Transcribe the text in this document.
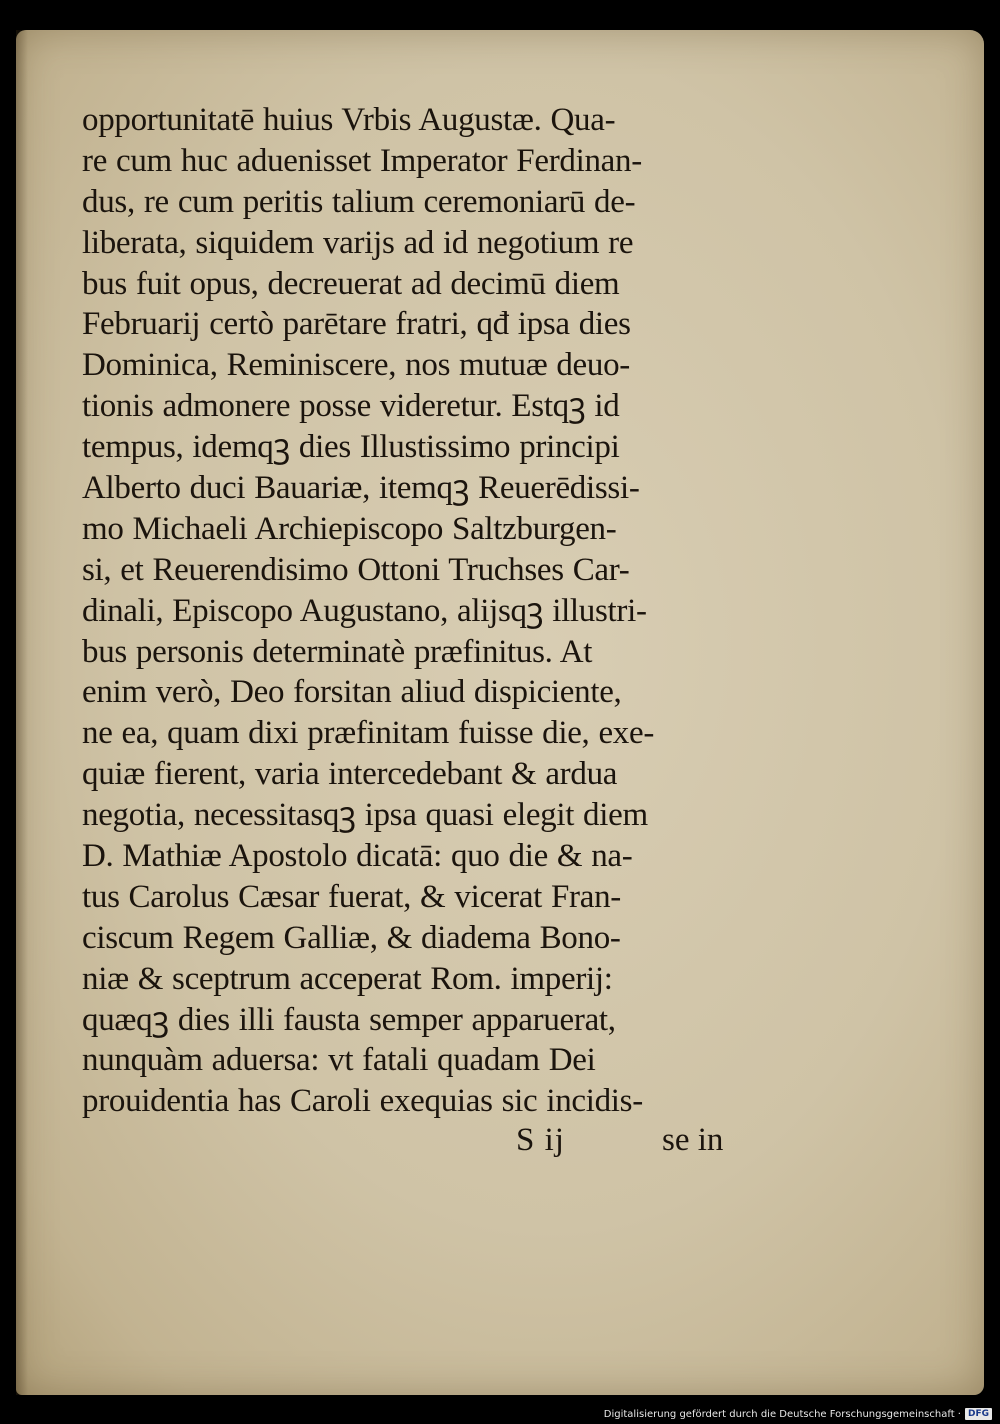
opportunitatē huius Vrbis Augustæ. Qua-
re cum huc aduenisset Imperator Ferdinan-
dus, re cum peritis talium ceremoniarū de-
liberata, siquidem varijs ad id negotium re
bus fuit opus, decreuerat ad decimū diem
Februarij certò parētare fratri, qđ ipsa dies
Dominica, Reminiscere, nos mutuæ deuo-
tionis admonere posse videretur. Estqꝫ id
tempus, idemqꝫ dies Illustissimo principi
Alberto duci Bauariæ, itemqꝫ Reuerēdissi-
mo Michaeli Archiepiscopo Saltzburgen-
si, et Reuerendisimo Ottoni Truchses Car-
dinali, Episcopo Augustano, alijsqꝫ illustri-
bus personis determinatè præfinitus. At
enim verò, Deo forsitan aliud dispiciente,
ne ea, quam dixi præfinitam fuisse die, exe-
quiæ fierent, varia intercedebant & ardua
negotia, necessitasqꝫ ipsa quasi elegit diem
D. Mathiæ Apostolo dicatā: quo die & na-
tus Carolus Cæsar fuerat, & vicerat Fran-
ciscum Regem Galliæ, & diadema Bono-
niæ & sceptrum acceperat Rom. imperij:
quæqꝫ dies illi fausta semper apparuerat,
nunquàm aduersa: vt fatali quadam Dei
prouidentia has Caroli exequias sic incidis-
S ij	se in
Digitalisierung gefördert durch die Deutsche Forschungsgemeinschaft · DFG
